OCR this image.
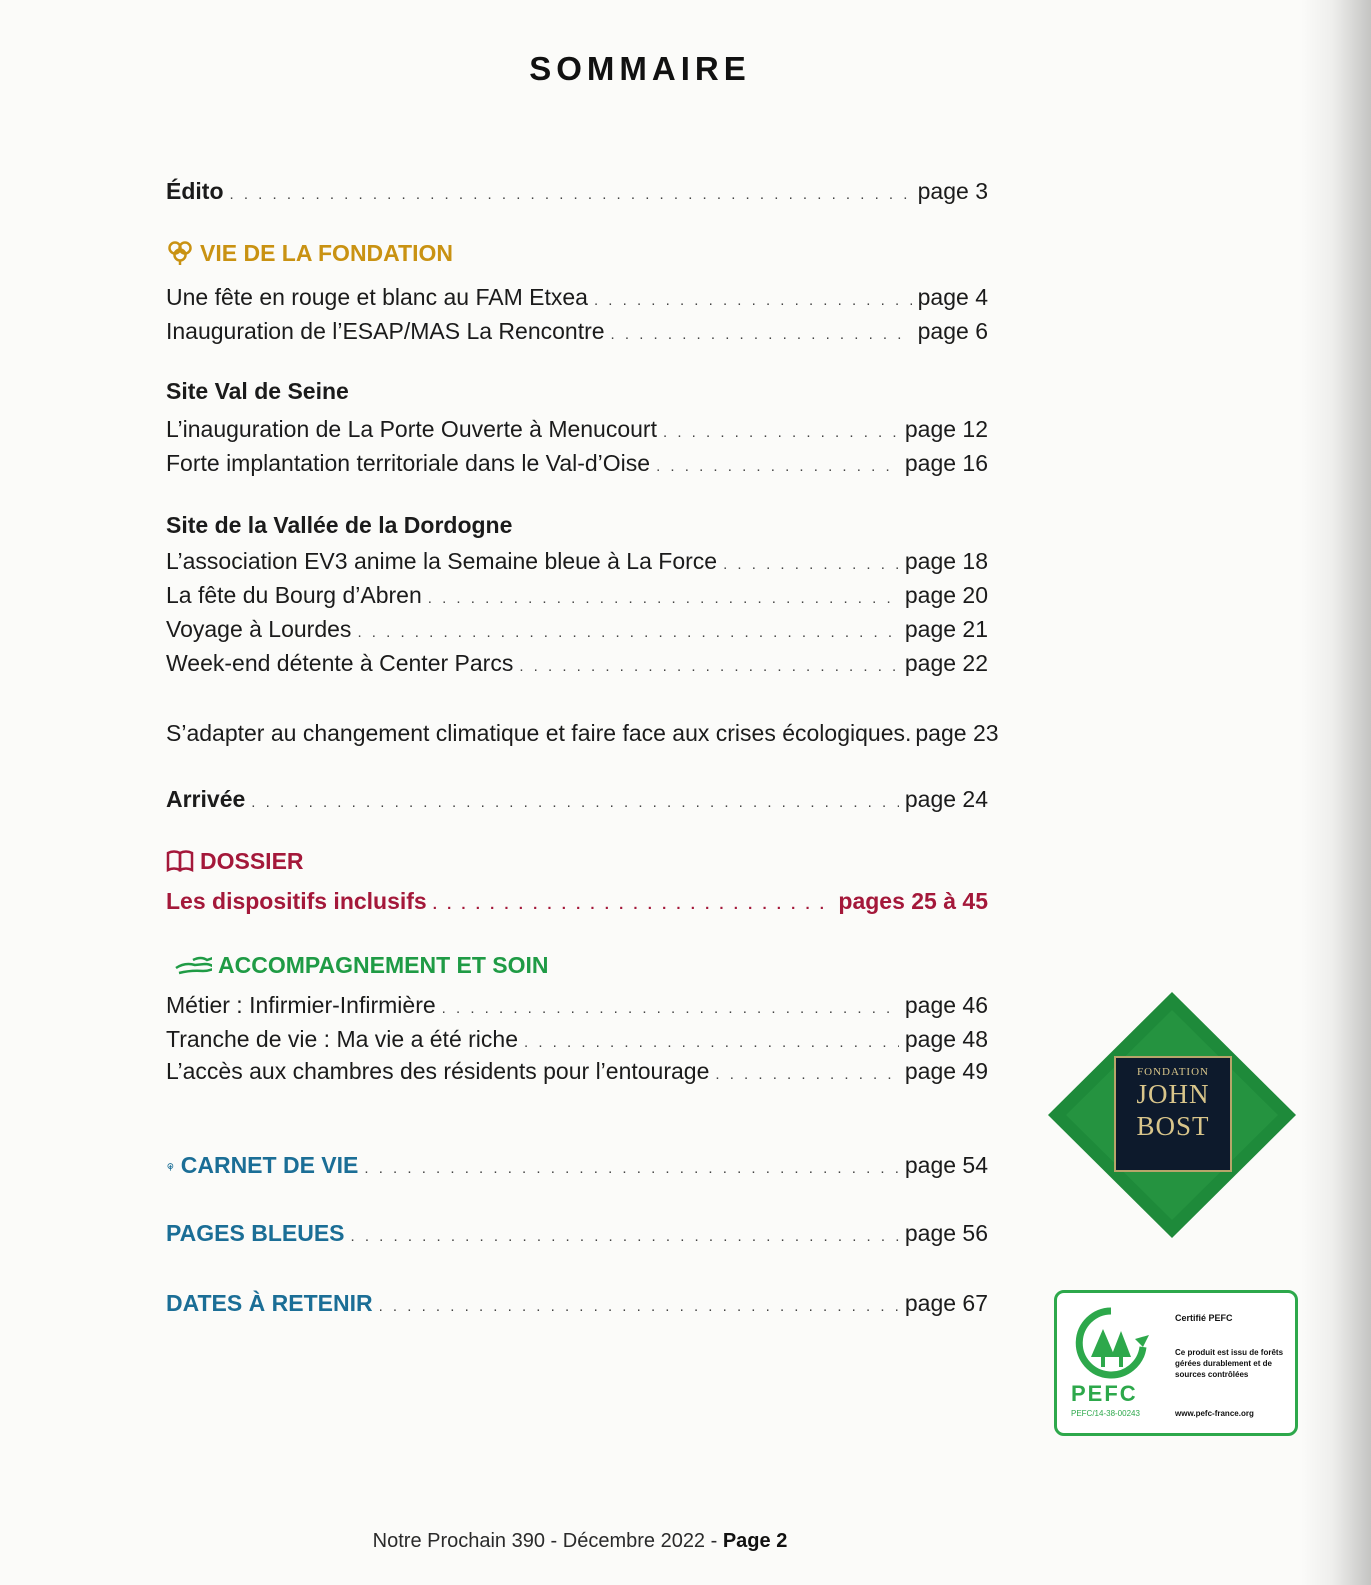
SOMMAIRE
Édito . . .	page 3
VIE DE LA FONDATION
Une fête en rouge et blanc au FAM Etxea . . .	page 4
Inauguration de l’ESAP/MAS La Rencontre . . .	page 6
Site Val de Seine
L’inauguration de La Porte Ouverte à Menucourt . . .	page 12
Forte implantation territoriale dans le Val-d’Oise . . .	page 16
Site de la Vallée de la Dordogne
L’association EV3 anime la Semaine bleue à La Force . . .	page 18
La fête du Bourg d’Abren . . .	page 20
Voyage à Lourdes . . .	page 21
Week-end détente à Center Parcs . . .	page 22
S’adapter au changement climatique et faire face aux crises écologiques. page 23
Arrivée . . .	page 24
DOSSIER
Les dispositifs inclusifs . . .	pages 25 à 45
ACCOMPAGNEMENT ET SOIN
Métier : Infirmier-Infirmière . . .	page 46
Tranche de vie : Ma vie a été riche . . .	page 48
L’accès aux chambres des résidents pour l’entourage . . .	page 49
CARNET DE VIE . . .	page 54
PAGES BLEUES . . .	page 56
DATES À RETENIR . . .	page 67
FONDATION
JOHN
BOST
PEFC
PEFC/14-38-00243
Certifié PEFC
Ce produit est issu de forêts gérées durablement et de sources contrôlées
www.pefc-france.org
Notre Prochain 390 - Décembre 2022 - Page 2
